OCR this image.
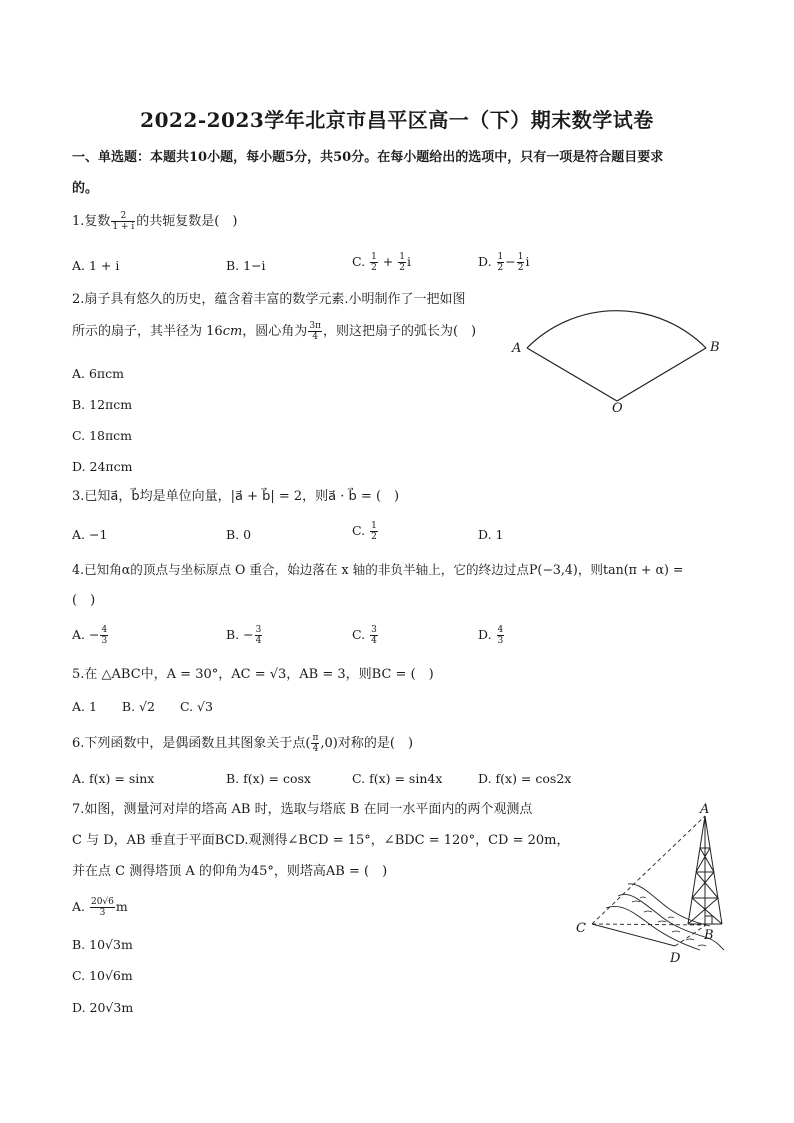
2022-2023学年北京市昌平区高一（下）期末数学试卷
一、单选题：本题共10小题，每小题5分，共50分。在每小题给出的选项中，只有一项是符合题目要求
的。
1.复数 $\frac{2}{1 + i}$ 的共轭复数是(　)
A. 1 + i	B. 1−i	C. $\frac{1}{2} + \frac{1}{2}$ i	D. $\frac{1}{2} - \frac{1}{2}$ i
2.扇子具有悠久的历史，蕴含着丰富的数学元素.小明制作了一把如图
所示的扇子，其半径为 16cm，圆心角为 $\frac{3\pi}{4}$ ，则这把扇子的弧长为(　)
A. 6πcm
B. 12πcm
C. 18πcm
D. 24πcm
A	B
O
3.已知a⃗，b⃗均是单位向量，|a⃗ + b⃗| = 2，则a⃗ · b⃗ = (　)
A. −1	B. 0	C. $\frac{1}{2}$	D. 1
4.已知角α的顶点与坐标原点 O 重合，始边落在 x 轴的非负半轴上，它的终边过点P(−3,4)，则tan(π + α) =
(　)
A. − $\frac{4}{3}$	B. − $\frac{3}{4}$	C. $\frac{3}{4}$	D. $\frac{4}{3}$
5.在 △ABC中，A = 30°，AC = √3，AB = 3，则BC = (　)
A. 1　　B. √2　　C. √3
6.下列函数中，是偶函数且其图象关于点( $\frac{\pi}{4} ,0$)对称的是(　)
A. f(x) = sinx	B. f(x) = cosx	C. f(x) = sin4x	D. f(x) = cos2x
7.如图，测量河对岸的塔高 AB 时，选取与塔底 B 在同一水平面内的两个观测点
C 与 D，AB 垂直于平面BCD.观测得∠BCD = 15°，∠BDC = 120°，CD = 20m，
并在点 C 测得塔顶 A 的仰角为45°，则塔高AB = (　)
A. $\frac{20√6}{3}$ m
B. 10√3m
C. 10√6m
D. 20√3m
A
B
C
D
